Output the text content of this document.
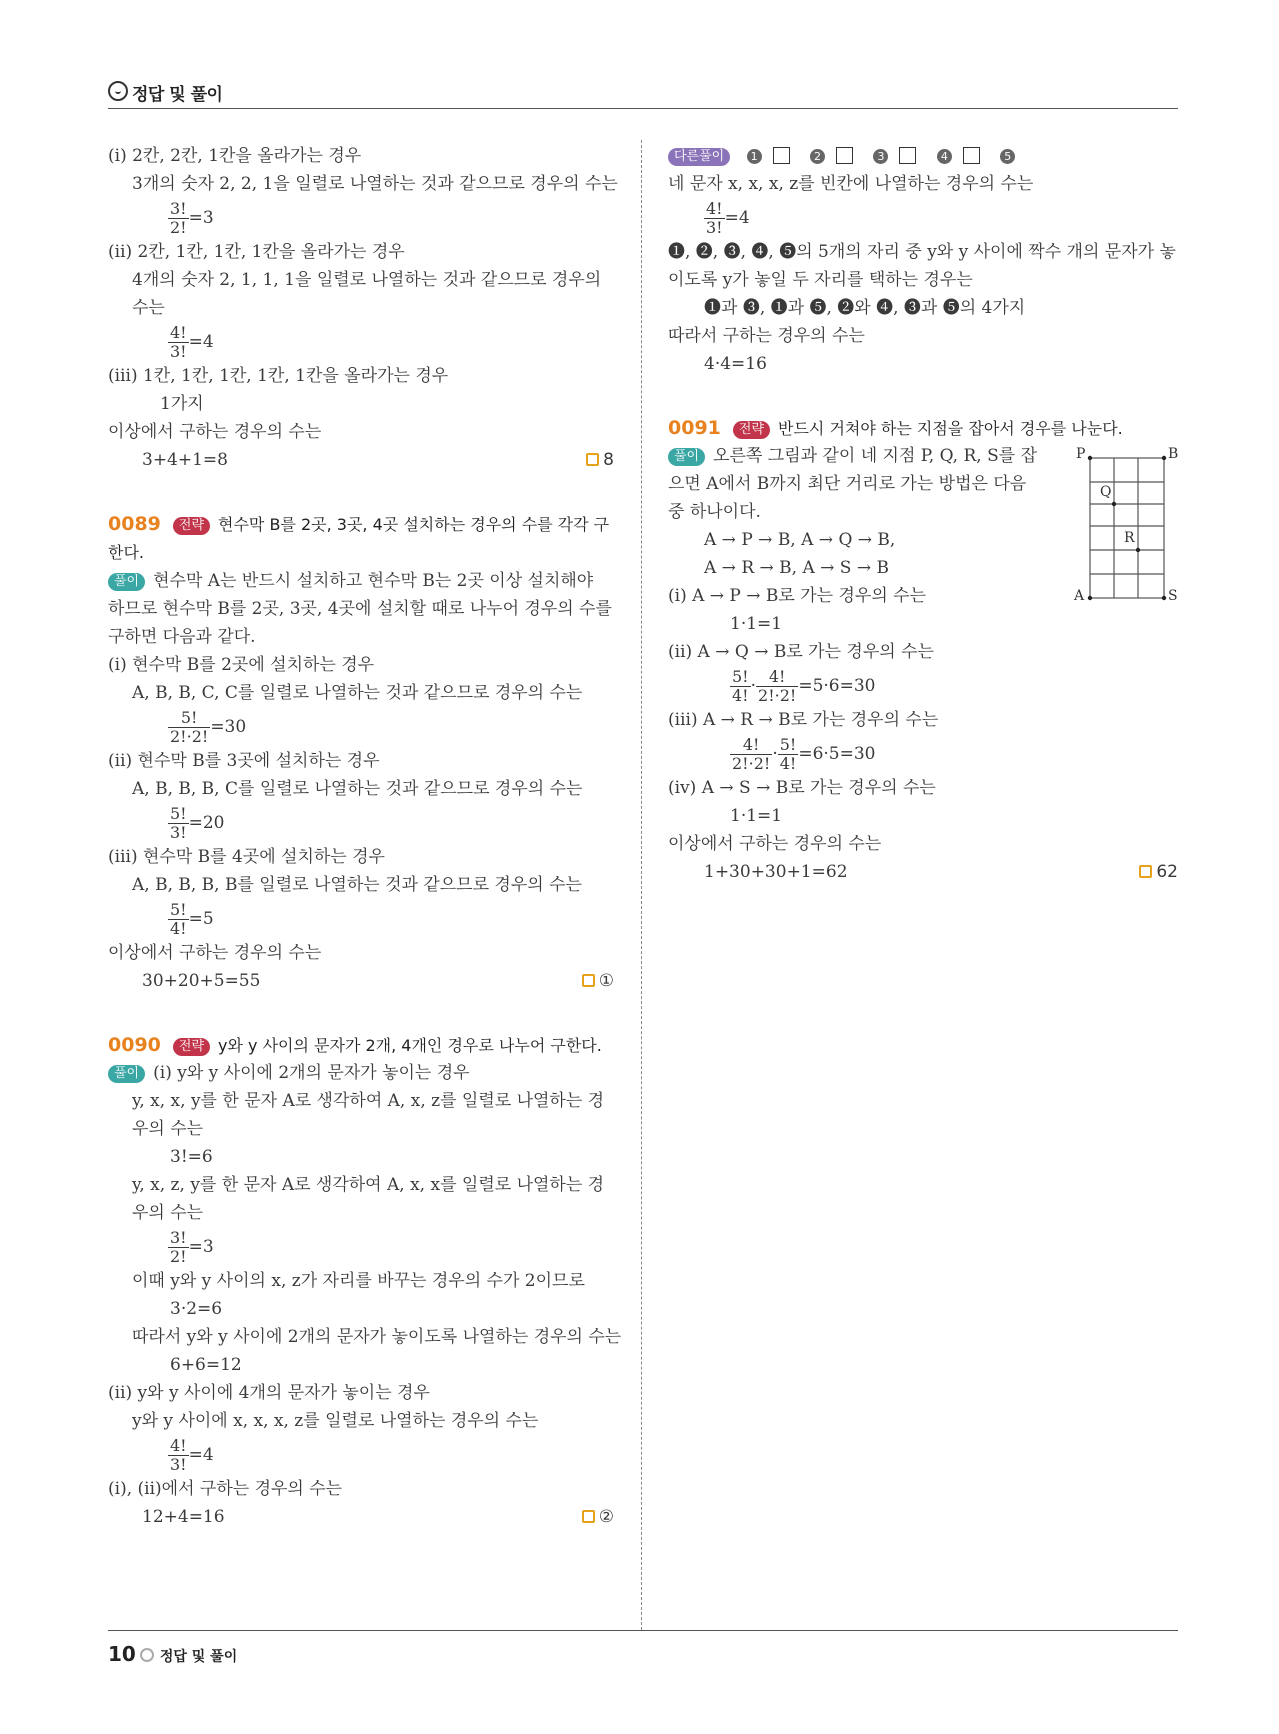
정답 및 풀이
(ⅰ) 2칸, 2칸, 1칸을 올라가는 경우
3개의 숫자 2, 2, 1을 일렬로 나열하는 것과 같으므로 경우의 수는
$\frac{3!}{2!} =3$
(ⅱ) 2칸, 1칸, 1칸, 1칸을 올라가는 경우
4개의 숫자 2, 1, 1, 1을 일렬로 나열하는 것과 같으므로 경우의 수는
$\frac{4!}{3!} =4$
(ⅲ) 1칸, 1칸, 1칸, 1칸, 1칸을 올라가는 경우
1가지
이상에서 구하는 경우의 수는
3+4+1=8	8
0089 전략 현수막 B를 2곳, 3곳, 4곳 설치하는 경우의 수를 각각 구한다.
풀이 현수막 A는 반드시 설치하고 현수막 B는 2곳 이상 설치해야 하므로 현수막 B를 2곳, 3곳, 4곳에 설치할 때로 나누어 경우의 수를 구하면 다음과 같다.
(ⅰ) 현수막 B를 2곳에 설치하는 경우
A, B, B, C, C를 일렬로 나열하는 것과 같으므로 경우의 수는
$\frac{5!}{2!\cdot 2!} =30$
(ⅱ) 현수막 B를 3곳에 설치하는 경우
A, B, B, B, C를 일렬로 나열하는 것과 같으므로 경우의 수는
$\frac{5!}{3!} =20$
(ⅲ) 현수막 B를 4곳에 설치하는 경우
A, B, B, B, B를 일렬로 나열하는 것과 같으므로 경우의 수는
$\frac{5!}{4!} =5$
이상에서 구하는 경우의 수는
30+20+5=55	①
0090 전략 y와 y 사이의 문자가 2개, 4개인 경우로 나누어 구한다.
풀이 (ⅰ) y와 y 사이에 2개의 문자가 놓이는 경우
y, x, x, y를 한 문자 A로 생각하여 A, x, z를 일렬로 나열하는 경우의 수는
3!=6
y, x, z, y를 한 문자 A로 생각하여 A, x, x를 일렬로 나열하는 경우의 수는
$\frac{3!}{2!} =3$
이때 y와 y 사이의 x, z가 자리를 바꾸는 경우의 수가 2이므로
3·2=6
따라서 y와 y 사이에 2개의 문자가 놓이도록 나열하는 경우의 수는
6+6=12
(ⅱ) y와 y 사이에 4개의 문자가 놓이는 경우
y와 y 사이에 x, x, x, z를 일렬로 나열하는 경우의 수는
$\frac{4!}{3!} =4$
(ⅰ), (ⅱ)에서 구하는 경우의 수는
12+4=16	②
다른풀이 1	2	3	4	5
네 문자 x, x, x, z를 빈칸에 나열하는 경우의 수는
$\frac{4!}{3!} =4$
❶, ❷, ❸, ❹, ❺의 5개의 자리 중 y와 y 사이에 짝수 개의 문자가 놓이도록 y가 놓일 두 자리를 택하는 경우는
❶과 ❸, ❶과 ❺, ❷와 ❹, ❸과 ❺의 4가지
따라서 구하는 경우의 수는
4·4=16
0091 전략 반드시 거쳐야 하는 지점을 잡아서 경우를 나눈다.
풀이 오른쪽 그림과 같이 네 지점 P, Q, R, S를 잡으면 A에서 B까지 최단 거리로 가는 방법은 다음 중 하나이다.
A → P → B, A → Q → B,
A → R → B, A → S → B
(ⅰ) A → P → B로 가는 경우의 수는
1·1=1
(ⅱ) A → Q → B로 가는 경우의 수는
$\frac{5!}{4!} \cdot \frac{4!}{2!\cdot 2!} =5\cdot 6=30$
(ⅲ) A → R → B로 가는 경우의 수는
$\frac{4!}{2!\cdot 2!} \cdot \frac{5!}{4!} =6\cdot 5=30$
(ⅳ) A → S → B로 가는 경우의 수는
1·1=1
이상에서 구하는 경우의 수는
1+30+30+1=62	62
P	B
Q
R
A	S
10 정답 및 풀이
